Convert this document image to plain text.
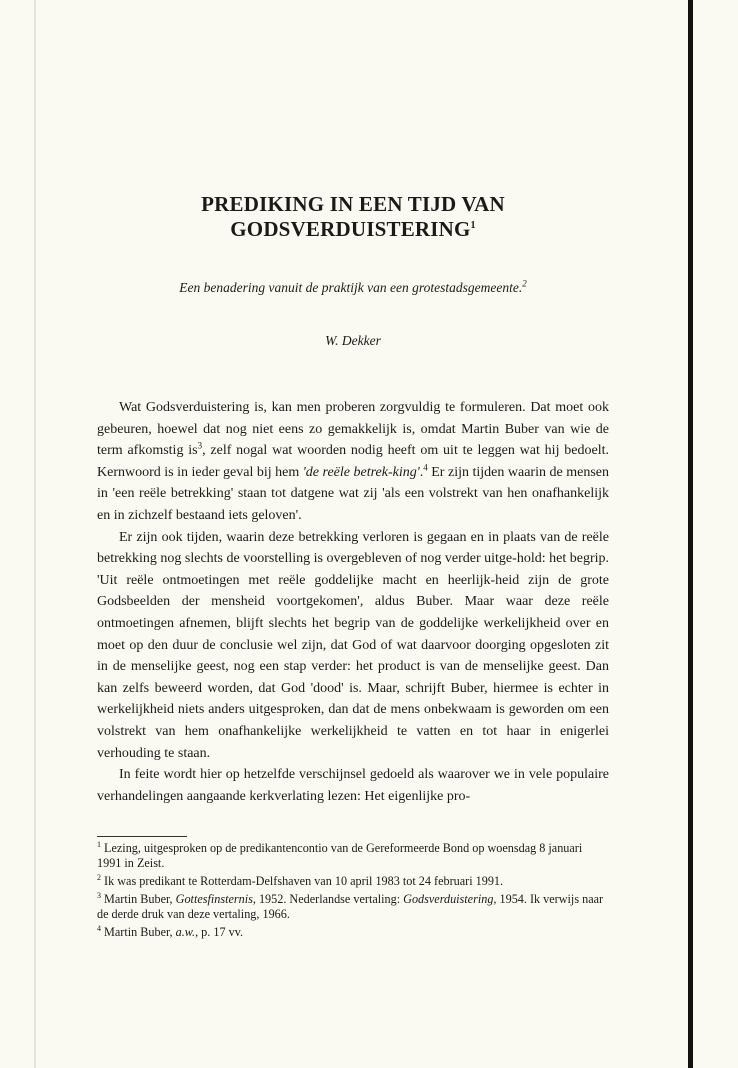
PREDIKING IN EEN TIJD VAN
GODSVERDUISTERING$^1$
Een benadering vanuit de praktijk van een grotestadsgemeente.$^2$
W. Dekker

Wat Godsverduistering is, kan men proberen zorgvuldig te formuleren. Dat moet ook gebeuren, hoewel dat nog niet eens zo gemakkelijk is, omdat Martin Buber van wie de term afkomstig $is^3$, zelf nogal wat woorden nodig heeft om uit te leggen wat hij bedoelt. Kernwoord is in ieder geval bij hem 'de reële betrek-king'.$^4$ Er zijn tijden waarin de mensen in 'een reële betrekking' staan tot datgene wat zij 'als een volstrekt van hen onafhankelijk en in zichzelf bestaand iets geloven'.

Er zijn ook tijden, waarin deze betrekking verloren is gegaan en in plaats van de reële betrekking nog slechts de voorstelling is overgebleven of nog verder uitge-hold: het begrip. 'Uit reële ontmoetingen met reële goddelijke macht en heerlijk-heid zijn de grote Godsbeelden der mensheid voortgekomen', aldus Buber. Maar waar deze reële ontmoetingen afnemen, blijft slechts het begrip van de goddelijke werkelijkheid over en moet op den duur de conclusie wel zijn, dat God of wat daarvoor doorging opgesloten zit in de menselijke geest, nog een stap verder: het product is van de menselijke geest. Dan kan zelfs beweerd worden, dat God 'dood' is. Maar, schrijft Buber, hiermee is echter in werkelijkheid niets anders uitgesproken, dan dat de mens onbekwaam is geworden om een volstrekt van hem onafhankelijke werkelijkheid te vatten en tot haar in enigerlei verhouding te staan.

In feite wordt hier op hetzelfde verschijnsel gedoeld als waarover we in vele populaire verhandelingen aangaande kerkverlating lezen: Het eigenlijke pro-

$^1$ Lezing, uitgesproken op de predikantencontio van de Gereformeerde Bond op woensdag 8 januari 1991 in Zeist.
$^2$ Ik was predikant te Rotterdam-Delfshaven van 10 april 1983 tot 24 februari 1991.
$^3$ Martin Buber, Gottesfinsternis, 1952. Nederlandse vertaling: Godsverduistering, 1954. Ik verwijs naar de derde druk van deze vertaling, 1966.
$^4$ Martin Buber, a.w., p. 17 vv.
